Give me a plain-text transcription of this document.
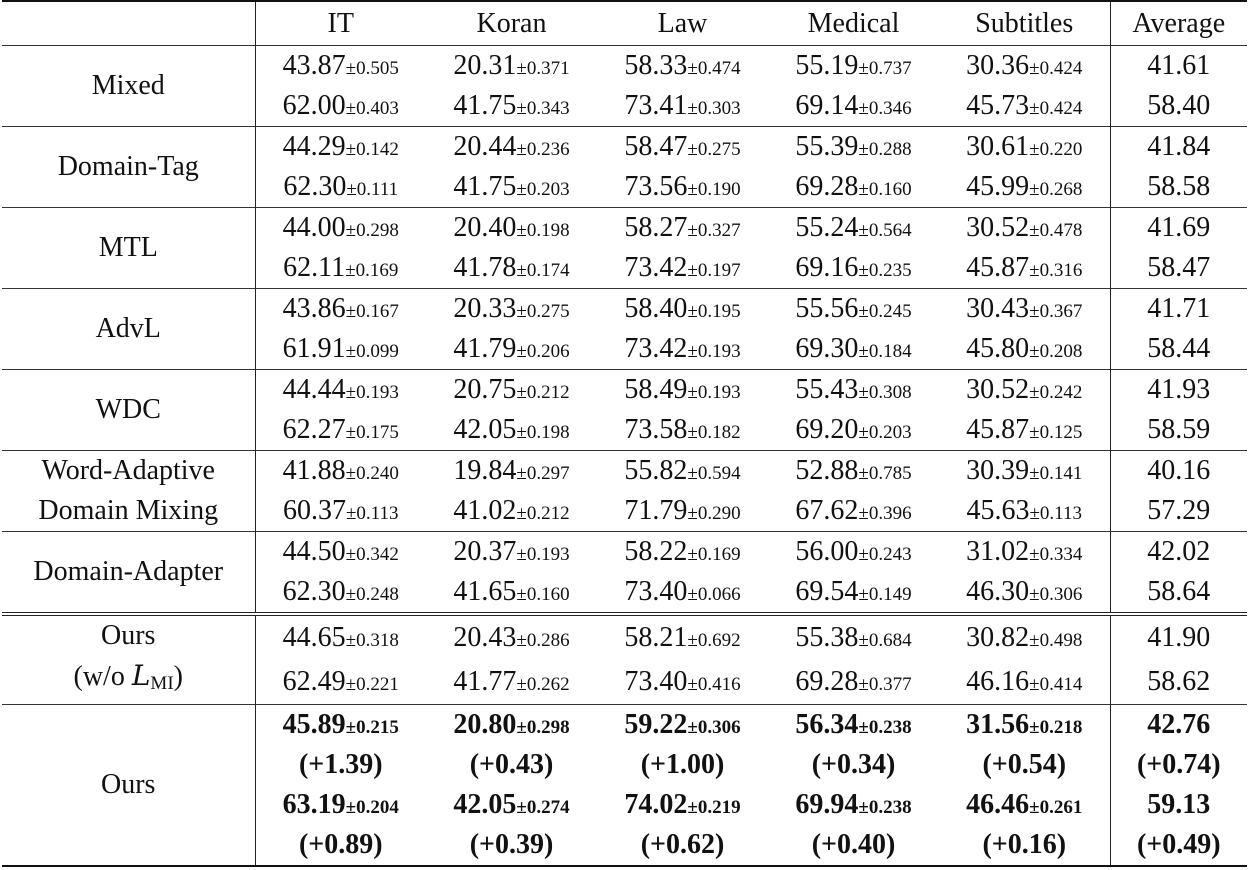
	IT	Koran	Law	Medical	Subtitles	Average

Mixed	43.87±0.505	20.31±0.371	58.33±0.474	55.19±0.737	30.36±0.424	41.61
	62.00±0.403	41.75±0.343	73.41±0.303	69.14±0.346	45.73±0.424	58.40

Domain-Tag	44.29±0.142	20.44±0.236	58.47±0.275	55.39±0.288	30.61±0.220	41.84
	62.30±0.111	41.75±0.203	73.56±0.190	69.28±0.160	45.99±0.268	58.58

MTL	44.00±0.298	20.40±0.198	58.27±0.327	55.24±0.564	30.52±0.478	41.69
	62.11±0.169	41.78±0.174	73.42±0.197	69.16±0.235	45.87±0.316	58.47

AdvL	43.86±0.167	20.33±0.275	58.40±0.195	55.56±0.245	30.43±0.367	41.71
	61.91±0.099	41.79±0.206	73.42±0.193	69.30±0.184	45.80±0.208	58.44

WDC	44.44±0.193	20.75±0.212	58.49±0.193	55.43±0.308	30.52±0.242	41.93
	62.27±0.175	42.05±0.198	73.58±0.182	69.20±0.203	45.87±0.125	58.59

Word-Adaptive
Domain Mixing	41.88±0.240	19.84±0.297	55.82±0.594	52.88±0.785	30.39±0.141	40.16
	60.37±0.113	41.02±0.212	71.79±0.290	67.62±0.396	45.63±0.113	57.29

Domain-Adapter	44.50±0.342	20.37±0.193	58.22±0.169	56.00±0.243	31.02±0.334	42.02
	62.30±0.248	41.65±0.160	73.40±0.066	69.54±0.149	46.30±0.306	58.64

Ours
(w/o $L_{MI}$)	44.65±0.318	20.43±0.286	58.21±0.692	55.38±0.684	30.82±0.498	41.90
	62.49±0.221	41.77±0.262	73.40±0.416	69.28±0.377	46.16±0.414	58.62

Ours	45.89±0.215	20.80±0.298	59.22±0.306	56.34±0.238	31.56±0.218	42.76
	(+1.39)	(+0.43)	(+1.00)	(+0.34)	(+0.54)	(+0.74)
	63.19±0.204	42.05±0.274	74.02±0.219	69.94±0.238	46.46±0.261	59.13
	(+0.89)	(+0.39)	(+0.62)	(+0.40)	(+0.16)	(+0.49)
